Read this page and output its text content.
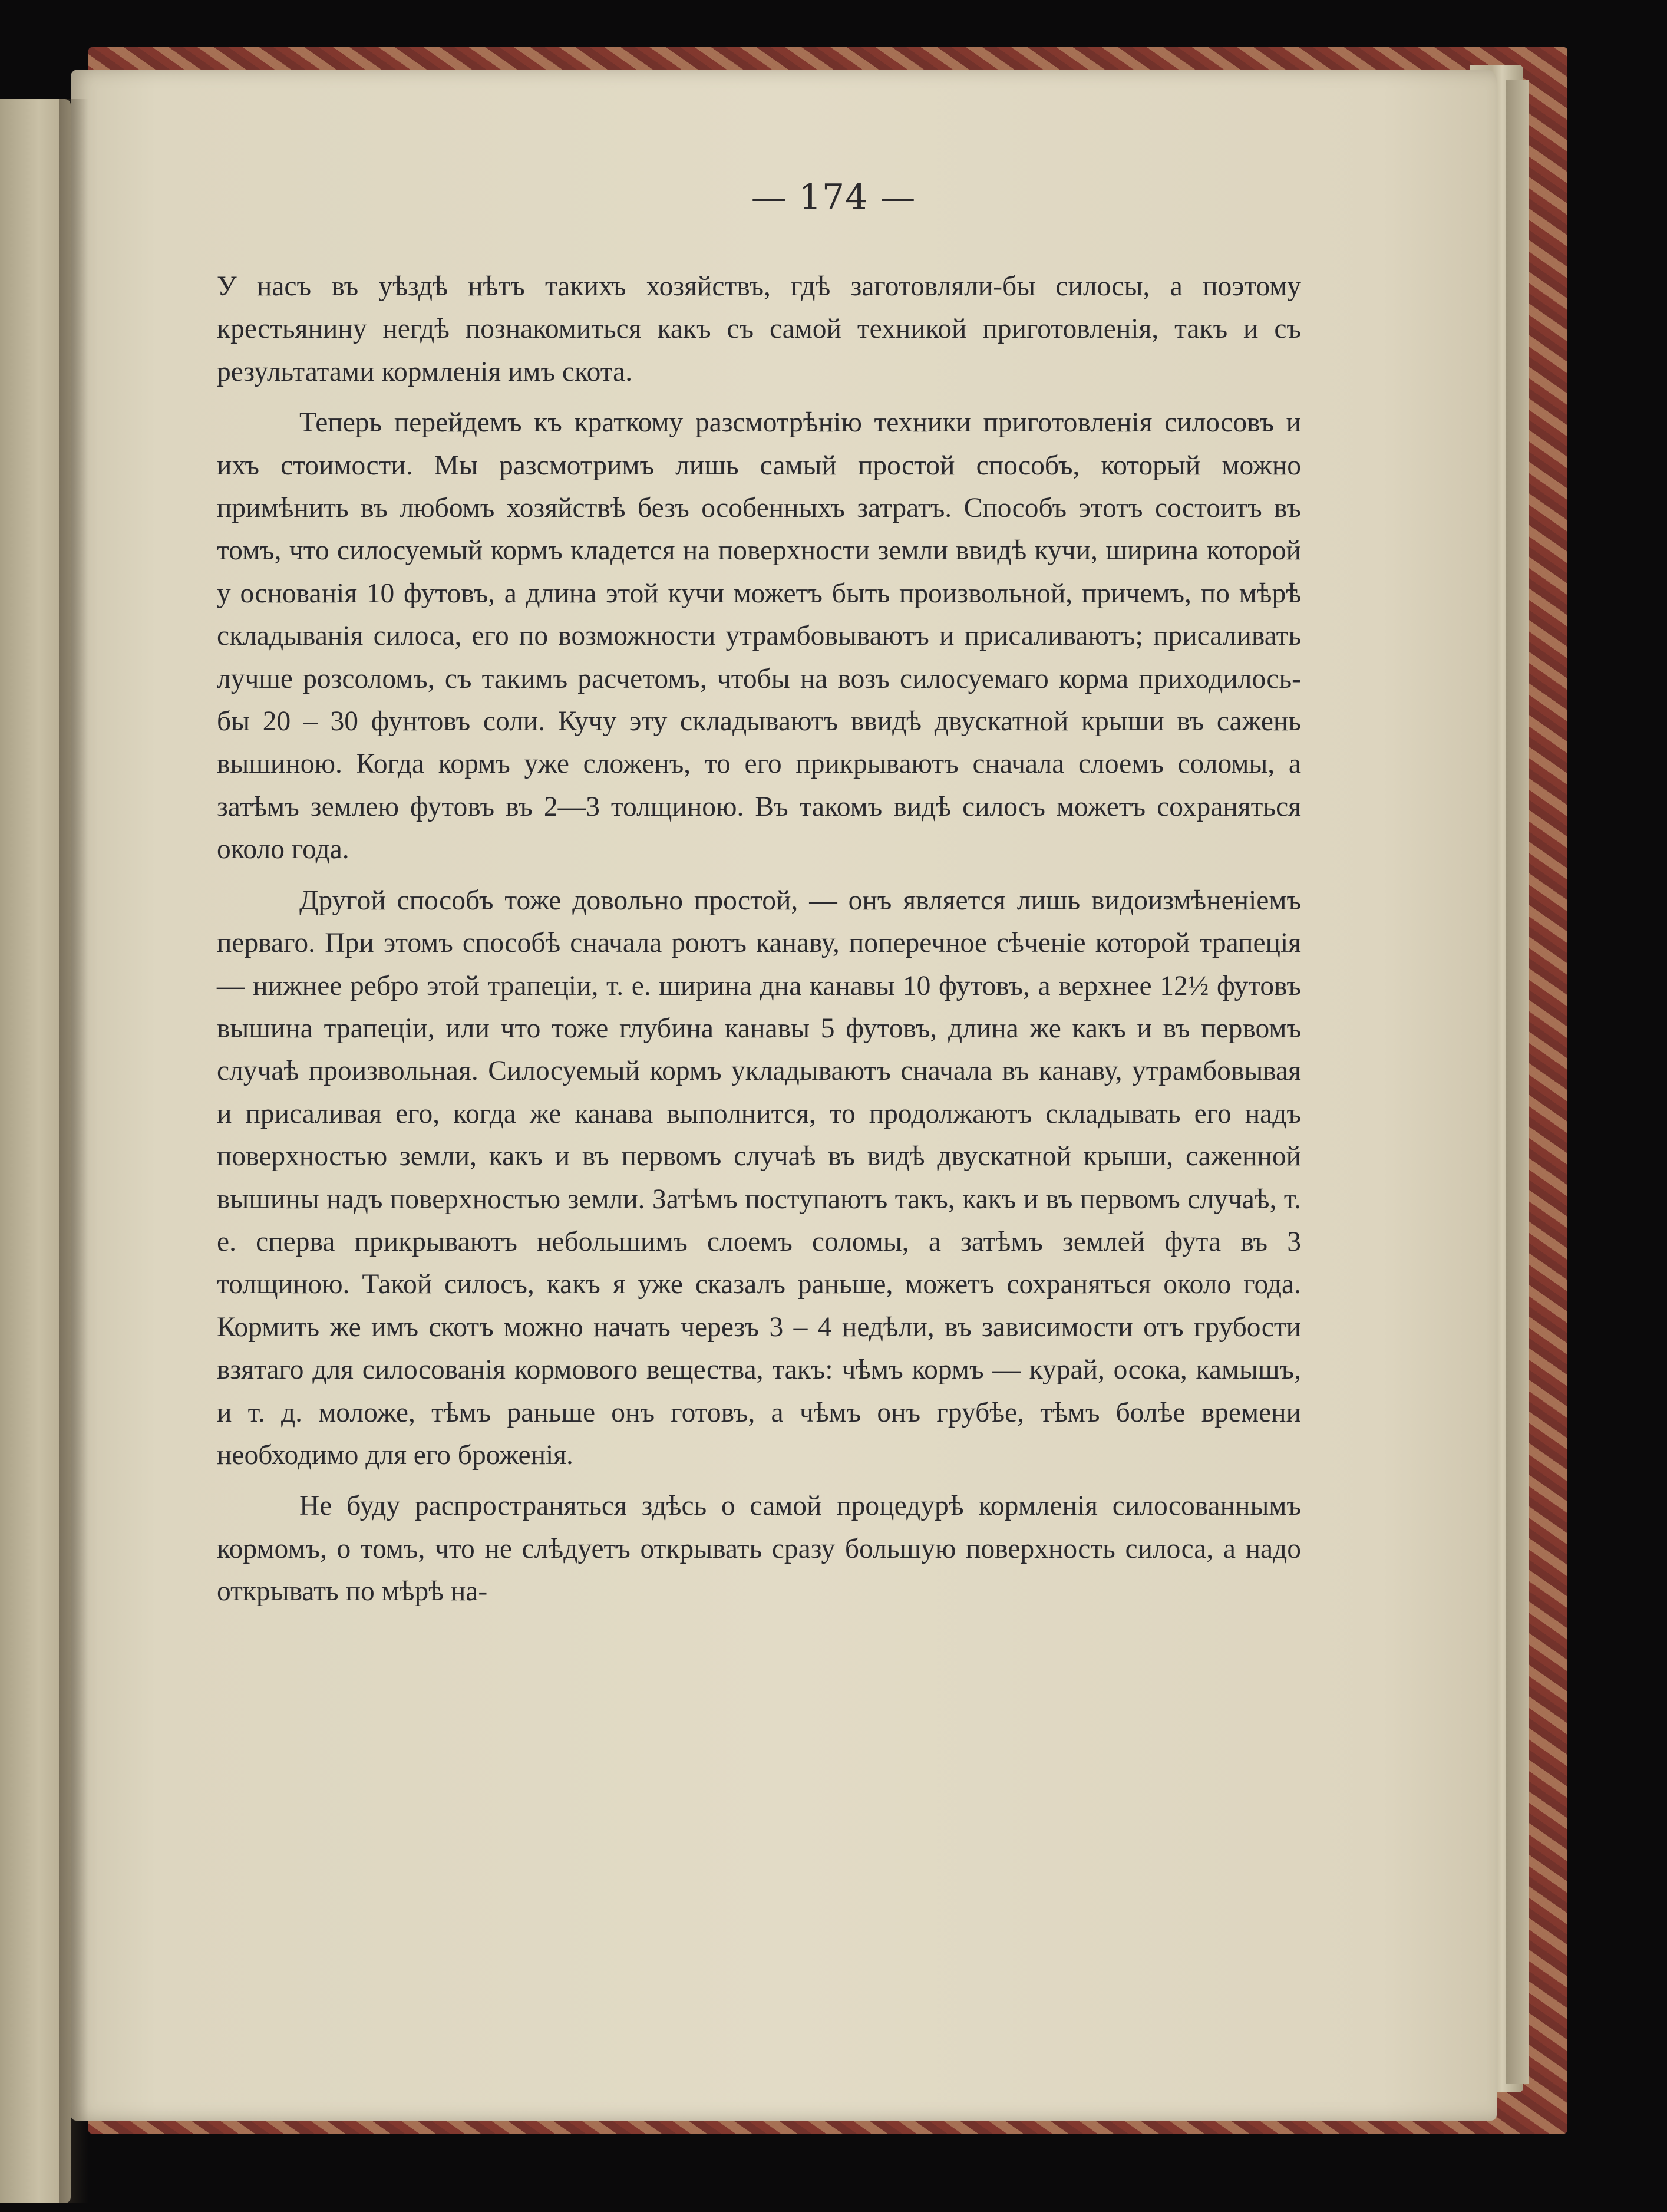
— 174 —

У насъ въ уѣздѣ нѣтъ такихъ хозяйствъ, гдѣ заготовляли-бы силосы, а поэтому крестьянину негдѣ познакомиться какъ съ самой техникой приготовленія, такъ и съ результатами кормленія имъ скота.

Теперь перейдемъ къ краткому разсмотрѣнію техники приготовленія силосовъ и ихъ стоимости. Мы разсмотримъ лишь самый простой способъ, который можно примѣнить въ любомъ хозяйствѣ безъ особенныхъ затратъ. Способъ этотъ состоитъ въ томъ, что силосуемый кормъ кладется на поверхности земли ввидѣ кучи, ширина которой у основанія 10 футовъ, а длина этой кучи можетъ быть произвольной, причемъ, по мѣрѣ складыванія силоса, его по возможности утрамбовываютъ и присаливаютъ; присаливать лучше розсоломъ, съ такимъ расчетомъ, чтобы на возъ силосуемаго корма приходилось-бы 20 – 30 фунтовъ соли. Кучу эту складываютъ ввидѣ двускатной крыши въ сажень вышиною. Когда кормъ уже сложенъ, то его прикрываютъ сначала слоемъ соломы, а затѣмъ землею футовъ въ 2—3 толщиною. Въ такомъ видѣ силосъ можетъ сохраняться около года.

Другой способъ тоже довольно простой, — онъ является лишь видоизмѣненіемъ перваго. При этомъ способѣ сначала роютъ канаву, поперечное сѣченіе которой трапеція — нижнее ребро этой трапеціи, т. е. ширина дна канавы 10 футовъ, а верхнее 12½ футовъ вышина трапеціи, или что тоже глубина канавы 5 футовъ, длина же какъ и въ первомъ случаѣ произвольная. Силосуемый кормъ укладываютъ сначала въ канаву, утрамбовывая и присаливая его, когда же канава выполнится, то продолжаютъ складывать его надъ поверхностью земли, какъ и въ первомъ случаѣ въ видѣ двускатной крыши, саженной вышины надъ поверхностью земли. Затѣмъ поступаютъ такъ, какъ и въ первомъ случаѣ, т. е. сперва прикрываютъ небольшимъ слоемъ соломы, а затѣмъ землей фута въ 3 толщиною. Такой силосъ, какъ я уже сказалъ раньше, можетъ сохраняться около года. Кормить же имъ скотъ можно начать черезъ 3 – 4 недѣли, въ зависимости отъ грубости взятаго для силосованія кормового вещества, такъ: чѣмъ кормъ — курай, осока, камышъ, и т. д. моложе, тѣмъ раньше онъ готовъ, а чѣмъ онъ грубѣе, тѣмъ болѣе времени необходимо для его броженія.

Не буду распространяться здѣсь о самой процедурѣ кормленія силосованнымъ кормомъ, о томъ, что не слѣдуетъ открывать сразу большую поверхность силоса, а надо открывать по мѣрѣ на-
